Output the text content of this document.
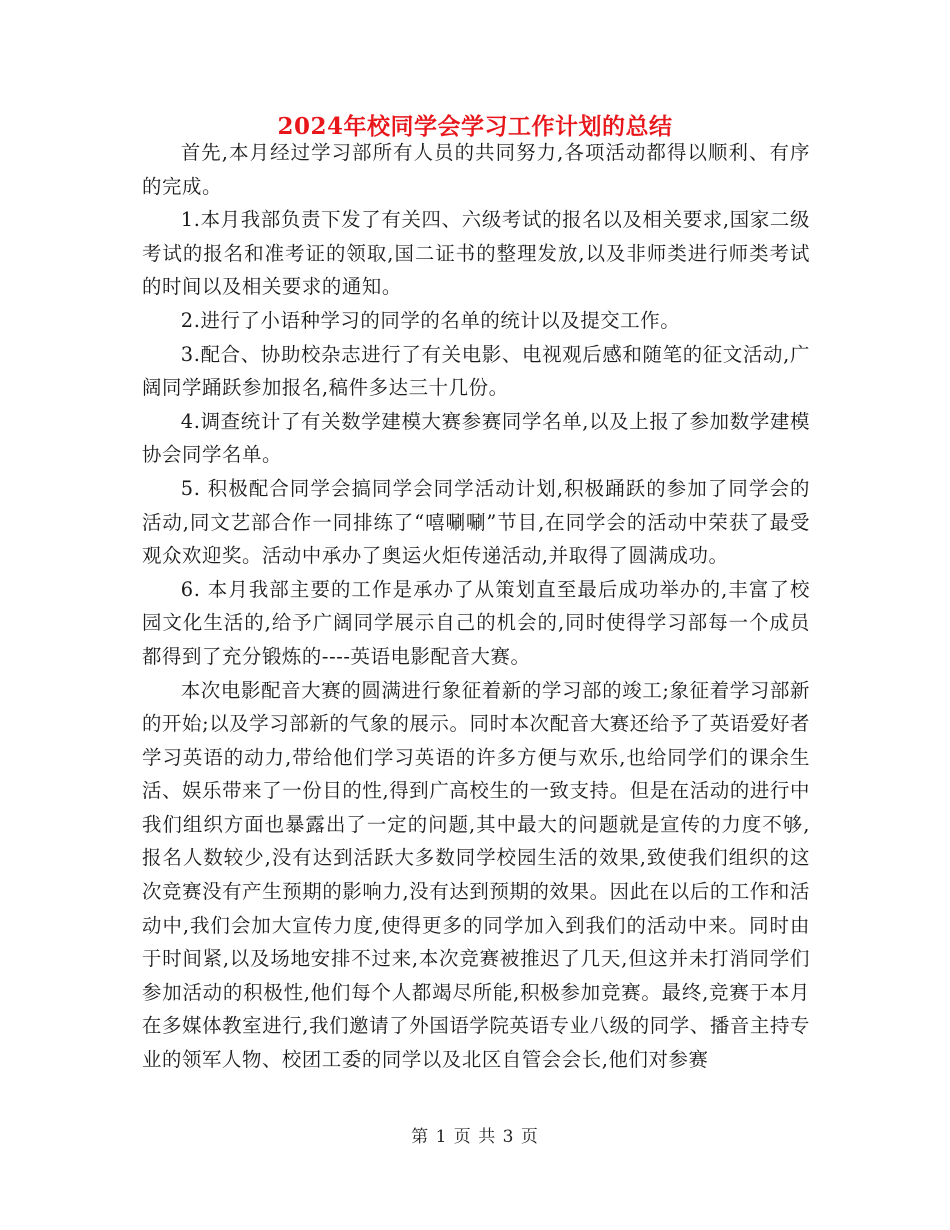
2024年校同学会学习工作计划的总结

首先,本月经过学习部所有人员的共同努力,各项活动都得以顺利、有序的完成。

1.本月我部负责下发了有关四、六级考试的报名以及相关要求,国家二级考试的报名和准考证的领取,国二证书的整理发放,以及非师类进行师类考试的时间以及相关要求的通知。

2.进行了小语种学习的同学的名单的统计以及提交工作。

3.配合、协助校杂志进行了有关电影、电视观后感和随笔的征文活动,广阔同学踊跃参加报名,稿件多达三十几份。

4.调查统计了有关数学建模大赛参赛同学名单,以及上报了参加数学建模协会同学名单。

5. 积极配合同学会搞同学会同学活动计划,积极踊跃的参加了同学会的活动,同文艺部合作一同排练了“嘻唰唰”节目,在同学会的活动中荣获了最受观众欢迎奖。活动中承办了奥运火炬传递活动,并取得了圆满成功。

6. 本月我部主要的工作是承办了从策划直至最后成功举办的,丰富了校园文化生活的,给予广阔同学展示自己的机会的,同时使得学习部每一个成员都得到了充分锻炼的----英语电影配音大赛。

本次电影配音大赛的圆满进行象征着新的学习部的竣工;象征着学习部新的开始;以及学习部新的气象的展示。同时本次配音大赛还给予了英语爱好者学习英语的动力,带给他们学习英语的许多方便与欢乐,也给同学们的课余生活、娱乐带来了一份目的性,得到广高校生的一致支持。但是在活动的进行中我们组织方面也暴露出了一定的问题,其中最大的问题就是宣传的力度不够,报名人数较少,没有达到活跃大多数同学校园生活的效果,致使我们组织的这次竞赛没有产生预期的影响力,没有达到预期的效果。因此在以后的工作和活动中,我们会加大宣传力度,使得更多的同学加入到我们的活动中来。同时由于时间紧,以及场地安排不过来,本次竞赛被推迟了几天,但这并未打消同学们参加活动的积极性,他们每个人都竭尽所能,积极参加竞赛。最终,竞赛于本月在多媒体教室进行,我们邀请了外国语学院英语专业八级的同学、播音主持专业的领军人物、校团工委的同学以及北区自管会会长,他们对参赛

第 1 页 共 3 页
